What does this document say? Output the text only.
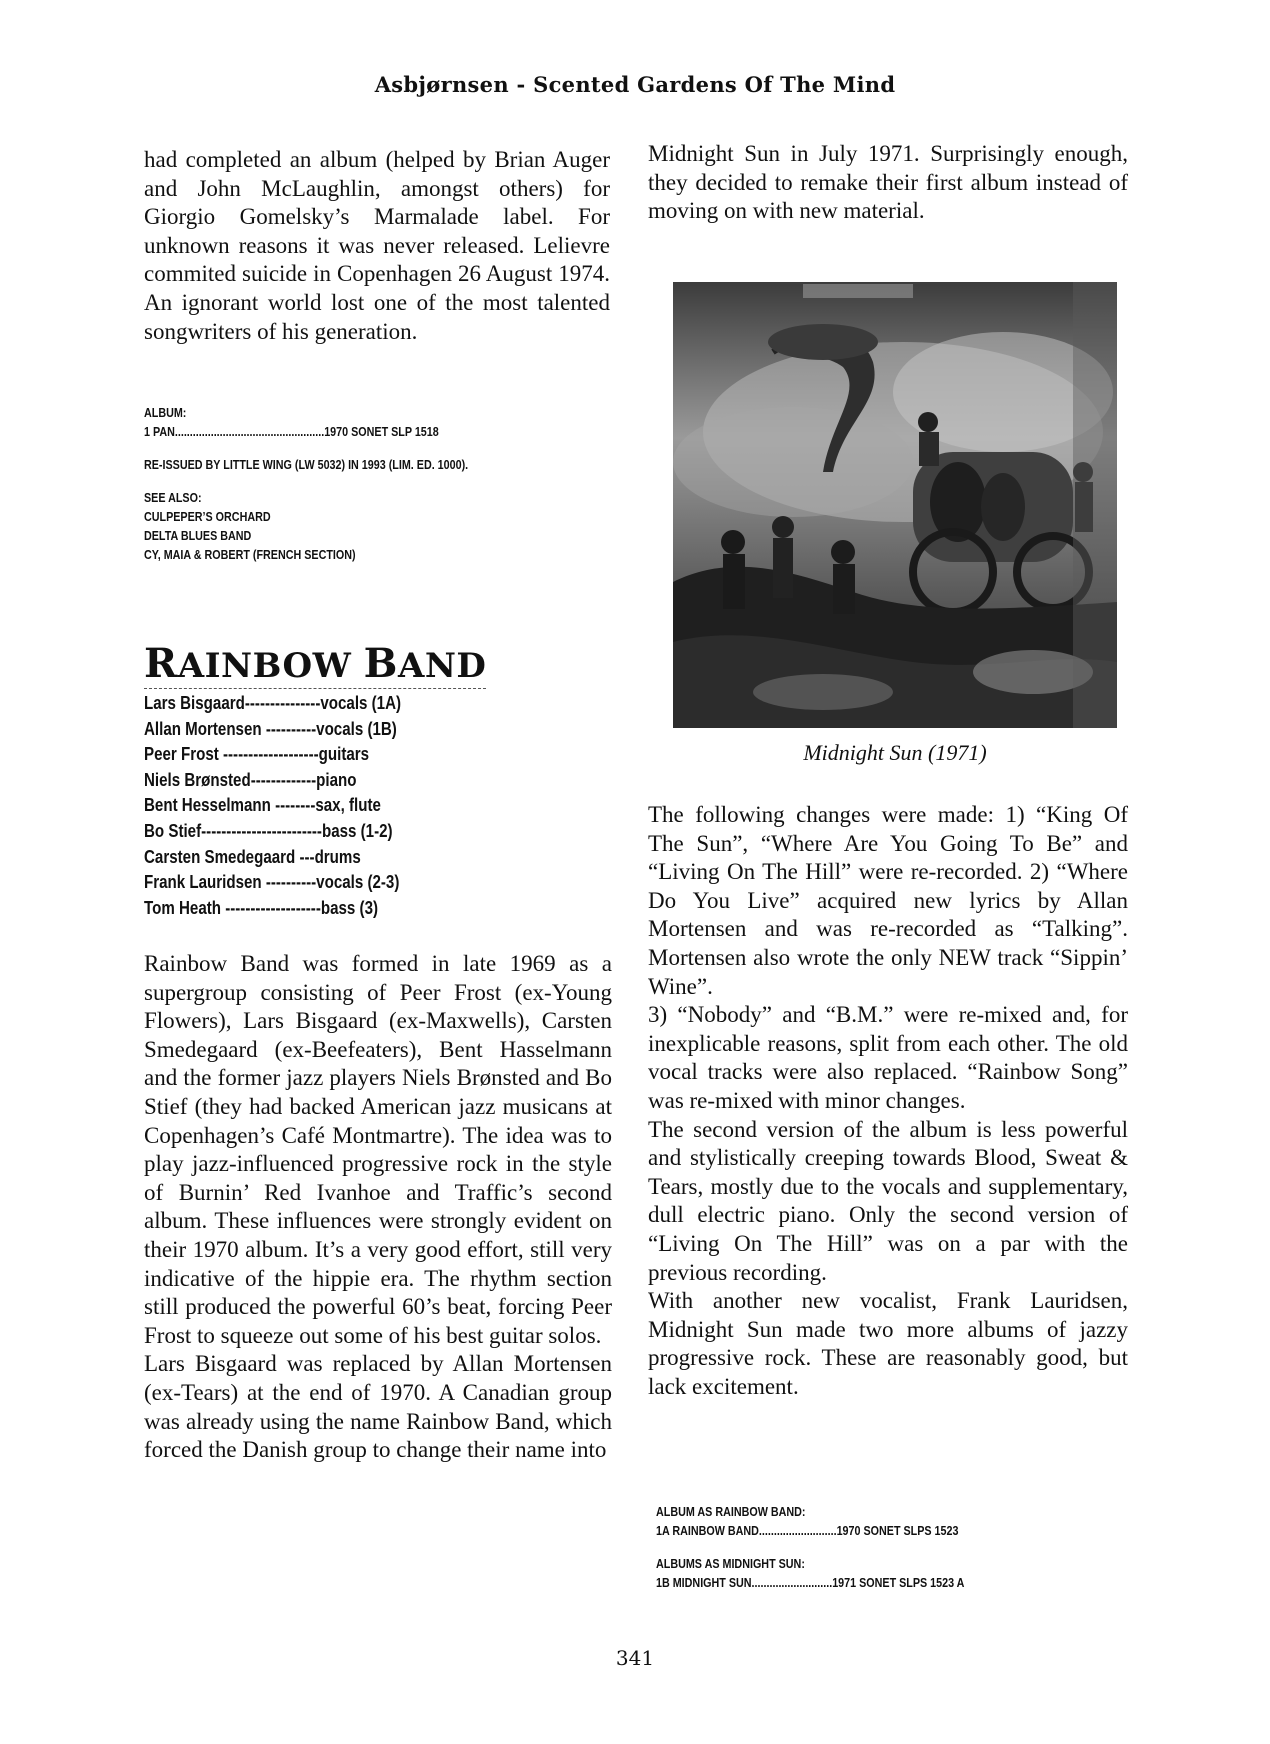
Asbjørnsen - Scented Gardens Of The Mind

had completed an album (helped by Brian Auger and John McLaughlin, amongst others) for Giorgio Gomelsky’s Marmalade label. For unknown reasons it was never released. Lelievre commited suicide in Copenhagen 26 August 1974. An ignorant world lost one of the most talented songwriters of his generation.

ALBUM:
1 PAN..................................................1970 SONET SLP 1518
RE-ISSUED BY LITTLE WING (LW 5032) IN 1993 (LIM. ED. 1000).
SEE ALSO:
CULPEPER’S ORCHARD
DELTA BLUES BAND
CY, MAIA & ROBERT (FRENCH SECTION)
RAINBOW BAND
Lars Bisgaard---------------vocals (1A)
Allan Mortensen ----------vocals (1B)
Peer Frost -------------------guitars
Niels Brønsted-------------piano
Bent Hesselmann --------sax, flute
Bo Stief------------------------bass (1-2)
Carsten Smedegaard ---drums
Frank Lauridsen ----------vocals (2-3)
Tom Heath -------------------bass (3)

Rainbow Band was formed in late 1969 as a supergroup consisting of Peer Frost (ex-Young Flowers), Lars Bisgaard (ex-Maxwells), Carsten Smedegaard (ex-Beefeaters), Bent Hasselmann and the former jazz players Niels Brønsted and Bo Stief (they had backed American jazz musicans at Copenhagen’s Café Montmartre). The idea was to play jazz-influenced progressive rock in the style of Burnin’ Red Ivanhoe and Traffic’s second album. These influences were strongly evident on their 1970 album. It’s a very good effort, still very indicative of the hippie era. The rhythm section still produced the powerful 60’s beat, forcing Peer Frost to squeeze out some of his best guitar solos.

Lars Bisgaard was replaced by Allan Mortensen (ex-Tears) at the end of 1970. A Canadian group was already using the name Rainbow Band, which forced the Danish group to change their name into

Midnight Sun in July 1971. Surprisingly enough, they decided to remake their first album instead of moving on with new material.

Midnight Sun (1971)

The following changes were made: 1) “King Of The Sun”, “Where Are You Going To Be” and “Living On The Hill” were re-recorded. 2) “Where Do You Live” acquired new lyrics by Allan Mortensen and was re-recorded as “Talking”. Mortensen also wrote the only NEW track “Sippin’ Wine”.

3) “Nobody” and “B.M.” were re-mixed and, for inexplicable reasons, split from each other. The old vocal tracks were also replaced. “Rainbow Song” was re-mixed with minor changes.

The second version of the album is less powerful and stylistically creeping towards Blood, Sweat & Tears, mostly due to the vocals and supplementary, dull electric piano. Only the second version of “Living On The Hill” was on a par with the previous recording.

With another new vocalist, Frank Lauridsen, Midnight Sun made two more albums of jazzy progressive rock. These are reasonably good, but lack excitement.

ALBUM AS RAINBOW BAND:
1A RAINBOW BAND..........................1970 SONET SLPS 1523
ALBUMS AS MIDNIGHT SUN:
1B MIDNIGHT SUN...........................1971 SONET SLPS 1523 A
341
